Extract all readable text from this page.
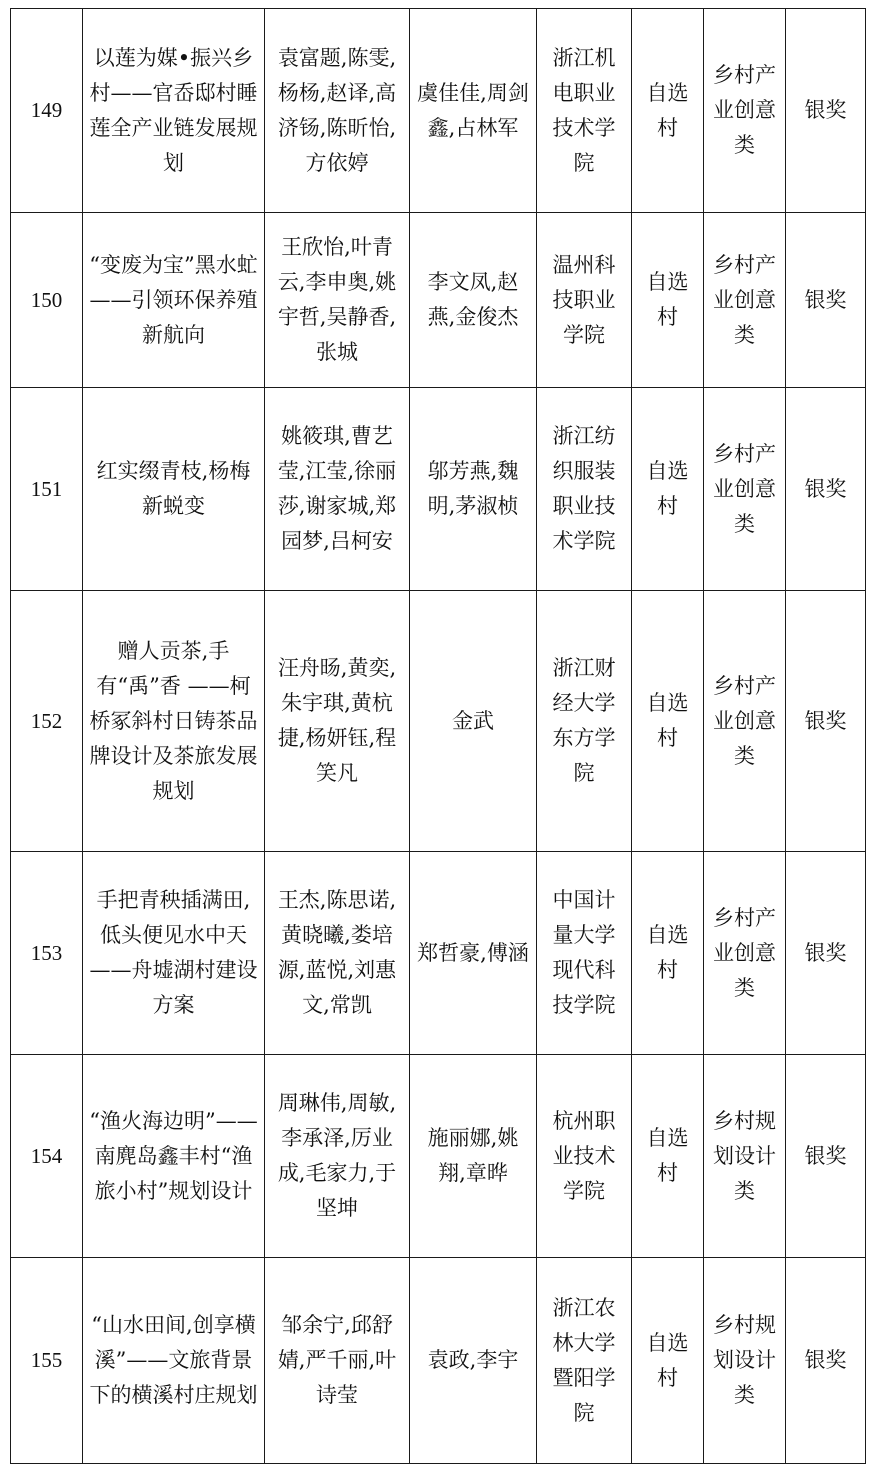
149	以莲为媒•振兴乡村——官岙邸村睡莲全产业链发展规划	袁富题,陈雯,杨杨,赵译,高济钖,陈昕怡,方依婷	虞佳佳,周剑鑫,占林军	浙江机电职业技术学院	自选村	乡村产业创意类	银奖
150	“变废为宝”黑水虻——引领环保养殖新航向	王欣怡,叶青云,李申奥,姚宇哲,吴静香,张城	李文凤,赵燕,金俊杰	温州科技职业学院	自选村	乡村产业创意类	银奖
151	红实缀青枝,杨梅新蜕变	姚筱琪,曹艺莹,江莹,徐丽莎,谢家城,郑园梦,吕柯安	邬芳燕,魏明,茅淑桢	浙江纺织服装职业技术学院	自选村	乡村产业创意类	银奖
152	赠人贡茶,手有“禹”香 ——柯桥冢斜村日铸茶品牌设计及茶旅发展规划	汪舟旸,黄奕,朱宇琪,黄杭捷,杨妍钰,程笑凡	金武	浙江财经大学东方学院	自选村	乡村产业创意类	银奖
153	手把青秧插满田,低头便见水中天——舟墟湖村建设方案	王杰,陈思诺,黄晓曦,娄培源,蓝悦,刘惠文,常凯	郑哲豪,傅涵	中国计量大学现代科技学院	自选村	乡村产业创意类	银奖
154	“渔火海边明”——南麂岛鑫丰村“渔旅小村”规划设计	周琳伟,周敏,李承泽,厉业成,毛家力,于坚坤	施丽娜,姚翔,章晔	杭州职业技术学院	自选村	乡村规划设计类	银奖
155	“山水田间,创享横溪”——文旅背景下的横溪村庄规划	邹余宁,邱舒婧,严千丽,叶诗莹	袁政,李宇	浙江农林大学暨阳学院	自选村	乡村规划设计类	银奖
